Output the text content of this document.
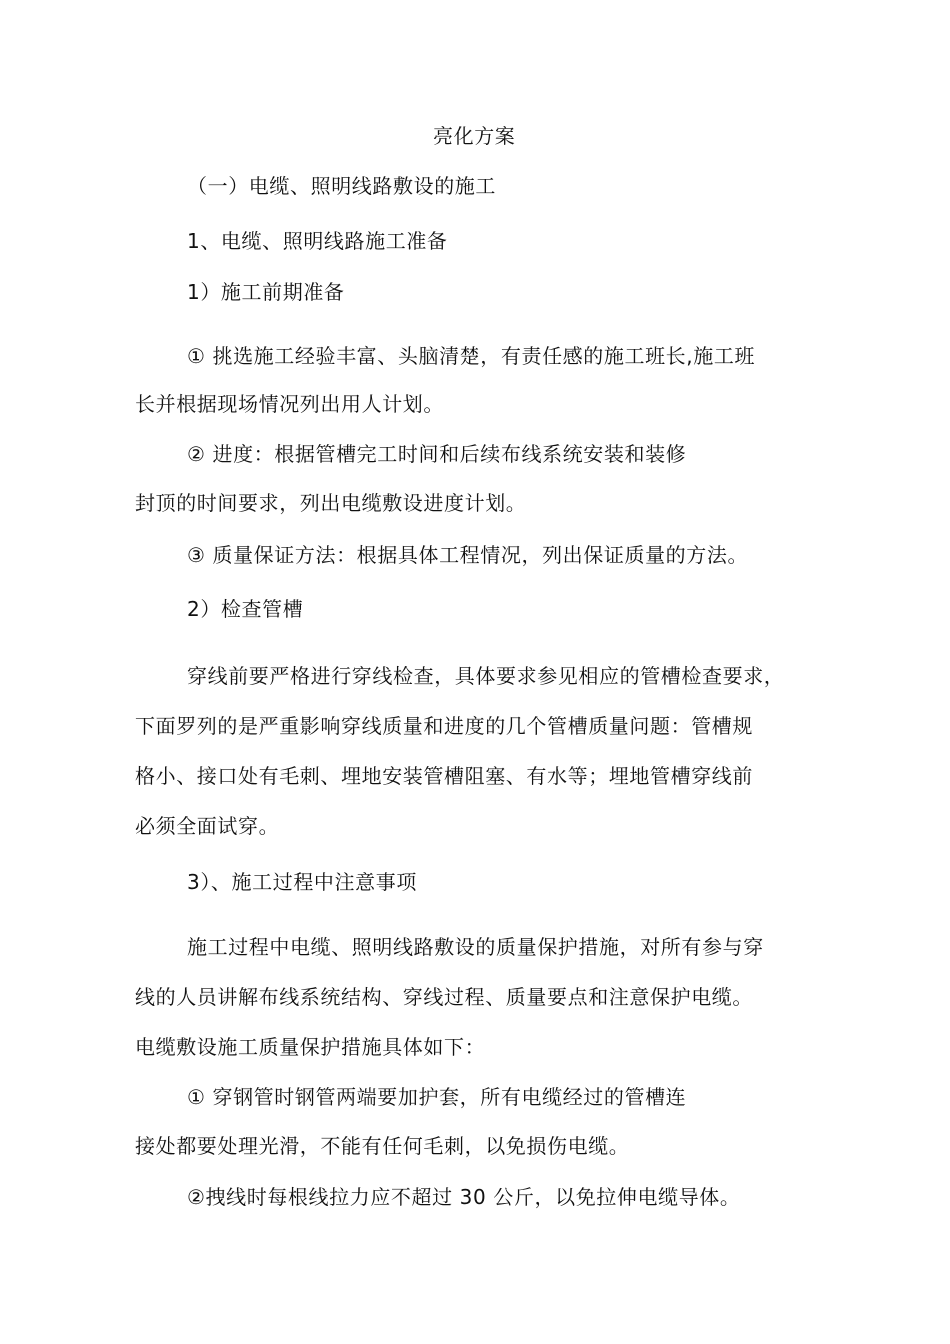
亮化方案
（一）电缆、照明线路敷设的施工
1、电缆、照明线路施工准备
1）施工前期准备
① 挑选施工经验丰富、头脑清楚，有责任感的施工班长,施工班
长并根据现场情况列出用人计划。
② 进度：根据管槽完工时间和后续布线系统安装和装修
封顶的时间要求，列出电缆敷设进度计划。
③ 质量保证方法：根据具体工程情况，列出保证质量的方法。
2）检查管槽
穿线前要严格进行穿线检查，具体要求参见相应的管槽检查要求，
下面罗列的是严重影响穿线质量和进度的几个管槽质量问题：管槽规
格小、接口处有毛刺、埋地安装管槽阻塞、有水等；埋地管槽穿线前
必须全面试穿。
3）、施工过程中注意事项
施工过程中电缆、照明线路敷设的质量保护措施，对所有参与穿
线的人员讲解布线系统结构、穿线过程、质量要点和注意保护电缆。
电缆敷设施工质量保护措施具体如下：
① 穿钢管时钢管两端要加护套，所有电缆经过的管槽连
接处都要处理光滑，不能有任何毛刺，以免损伤电缆。
②拽线时每根线拉力应不超过 30 公斤，以免拉伸电缆导体。
